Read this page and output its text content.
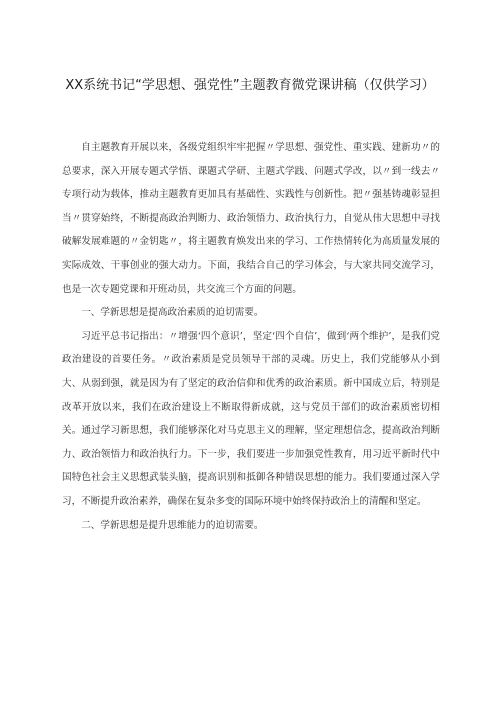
XX系统书记“学思想、强党性”主题教育微党课讲稿（仅供学习）

自主题教育开展以来，各级党组织牢牢把握〃学思想、强党性、重实践、建新功〃的总要求，深入开展专题式学悟、课题式学研、主题式学践、问题式学改，以〃到一线去〃专项行动为载体，推动主题教育更加具有基础性、实践性与创新性。把〃强基铸魂彰显担当〃贯穿始终，不断提高政治判断力、政治领悟力、政治执行力，自觉从伟大思想中寻找破解发展难题的〃金钥匙〃，将主题教育焕发出来的学习、工作热情转化为高质量发展的实际成效、干事创业的强大动力。下面，我结合自己的学习体会，与大家共同交流学习，也是一次专题党课和开班动员，共交流三个方面的问题。

一、学新思想是提高政治素质的迫切需要。

习近平总书记指出：〃增强‘四个意识’，坚定‘四个自信’，做到‘两个维护’，是我们党政治建设的首要任务。〃政治素质是党员领导干部的灵魂。历史上，我们党能够从小到大、从弱到强，就是因为有了坚定的政治信仰和优秀的政治素质。新中国成立后，特别是改革开放以来，我们在政治建设上不断取得新成就，这与党员干部们的政治素质密切相关。通过学习新思想，我们能够深化对马克思主义的理解，坚定理想信念，提高政治判断力、政治领悟力和政治执行力。下一步，我们要进一步加强党性教育，用习近平新时代中国特色社会主义思想武装头脑，提高识别和抵御各种错误思想的能力。我们要通过深入学习，不断提升政治素养，确保在复杂多变的国际环境中始终保持政治上的清醒和坚定。

二、学新思想是提升思维能力的迫切需要。
